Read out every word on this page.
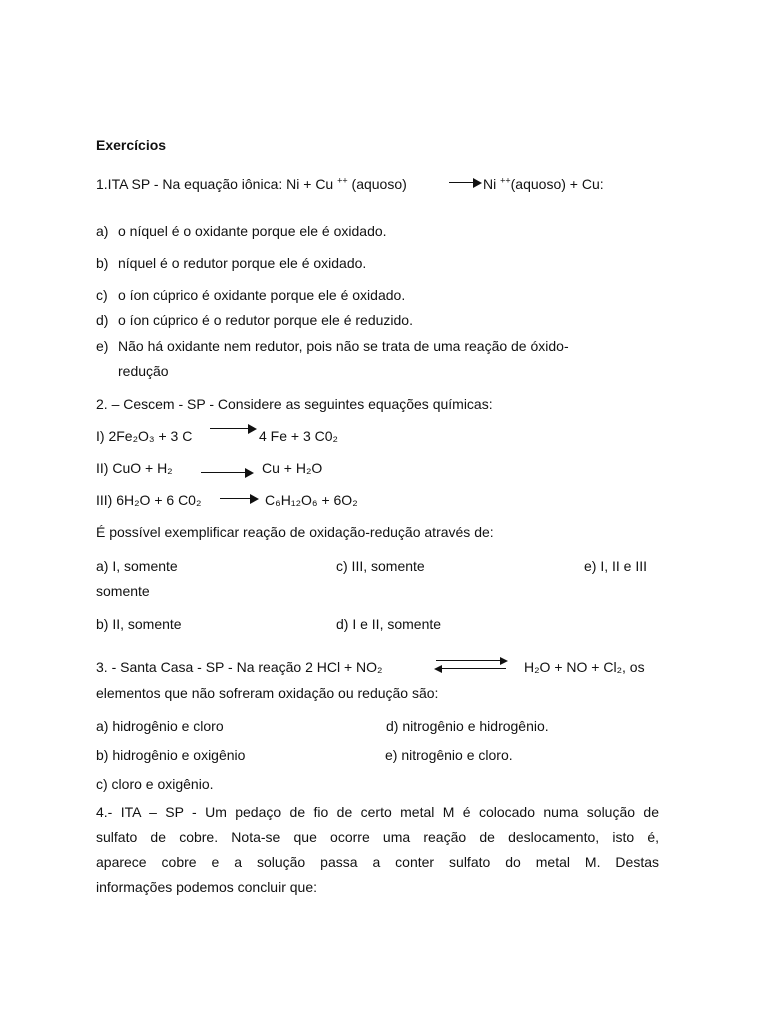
Exercícios
1.ITA SP - Na equação iônica: Ni + Cu ++ (aquoso)	Ni ++(aquoso) + Cu:
a) o níquel é o oxidante porque ele é oxidado.
b) níquel é o redutor porque ele é oxidado.
c) o íon cúprico é oxidante porque ele é oxidado.
d) o íon cúprico é o redutor porque ele é reduzido.
e) Não há oxidante nem redutor, pois não se trata de uma reação de óxido-
redução
2. – Cescem - SP - Considere as seguintes equações químicas:
I) 2Fe₂O₃ + 3 C	4 Fe + 3 C0₂
II) CuO + H₂	Cu + H₂O
III) 6H₂O + 6 C0₂	C₆H₁₂O₆ + 6O₂
É possível exemplificar reação de oxidação-redução através de:
a) I, somente	c) III, somente	e) I, II e III
somente
b) II, somente	d) I e II, somente
3. - Santa Casa - SP - Na reação 2 HCl + NO₂	H₂O + NO + Cl₂, os
elementos que não sofreram oxidação ou redução são:
a) hidrogênio e cloro	d) nitrogênio e hidrogênio.
b) hidrogênio e oxigênio	e) nitrogênio e cloro.
c) cloro e oxigênio.
4.- ITA – SP - Um pedaço de fio de certo metal M é colocado numa solução de
sulfato de cobre. Nota-se que ocorre uma reação de deslocamento, isto é,
aparece cobre e a solução passa a conter sulfato do metal M. Destas
informações podemos concluir que:
